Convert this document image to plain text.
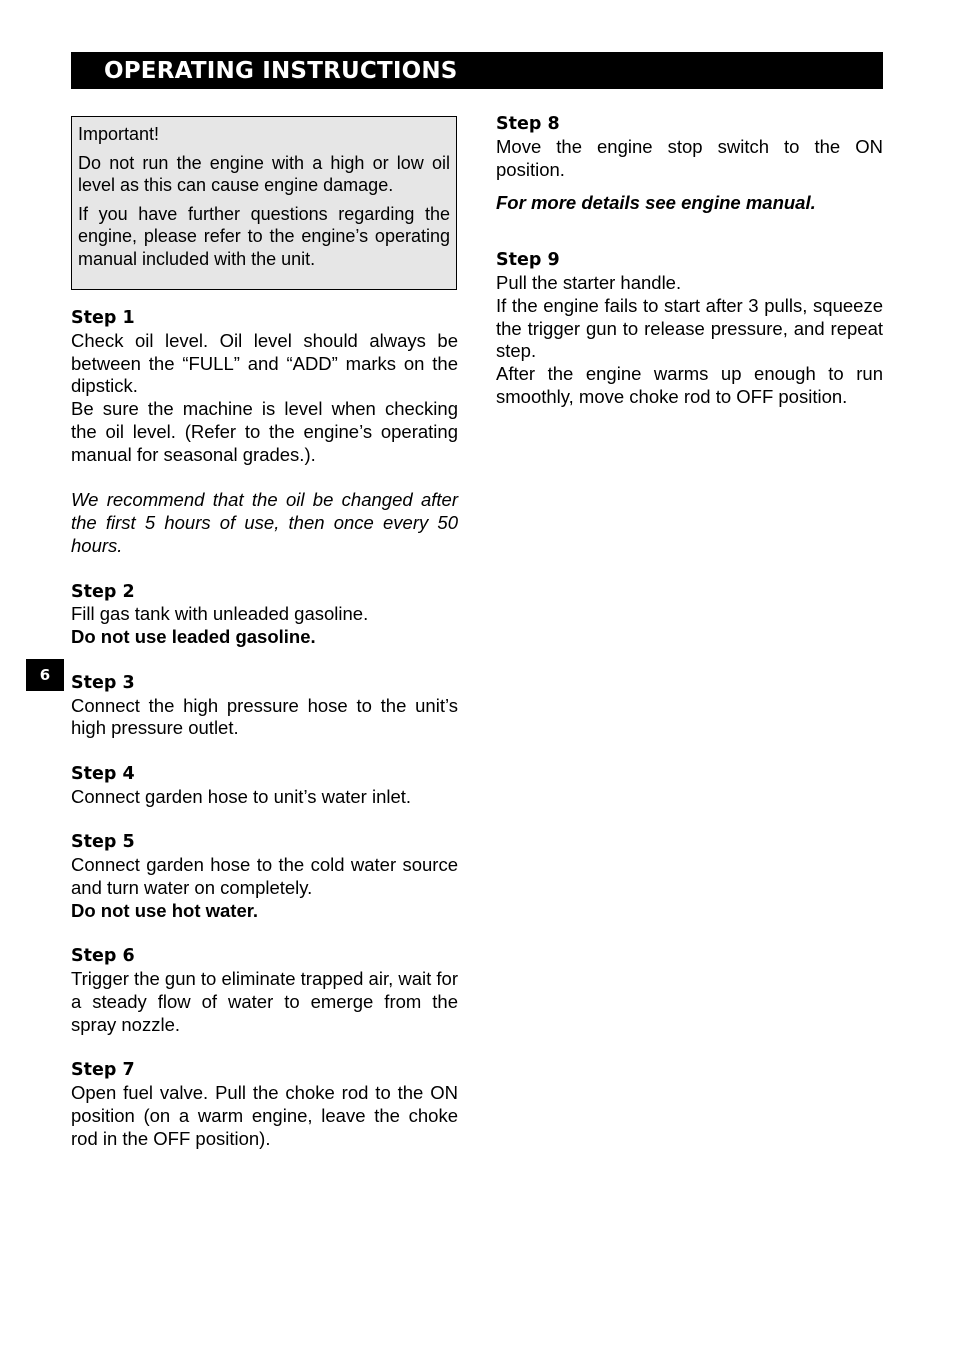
OPERATING INSTRUCTIONS

Important!

Do not run the engine with a high or low oil level as this can cause engine damage.

If you have further questions regarding the engine, please refer to the engine’s operating manual included with the unit.

6
Step 1

Check oil level. Oil level should always be between the “FULL” and “ADD” marks on the dipstick.

Be sure the machine is level when checking the oil level. (Refer to the engine’s operating manual for seasonal grades.).

We recommend that the oil be changed after the first 5 hours of use, then once every 50 hours.

Step 2

Fill gas tank with unleaded gasoline.

Do not use leaded gasoline.

Step 3

Connect the high pressure hose to the unit’s high pressure outlet.

Step 4

Connect garden hose to unit’s water inlet.

Step 5

Connect garden hose to the cold water source and turn water on completely.

Do not use hot water.

Step 6

Trigger the gun to eliminate trapped air, wait for a steady flow of water to emerge from the spray nozzle.

Step 7

Open fuel valve. Pull the choke rod to the ON position (on a warm engine, leave the choke rod in the OFF position).

Step 8

Move the engine stop switch to the ON position.

For more details see engine manual.

Step 9

Pull the starter handle.

If the engine fails to start after 3 pulls, squeeze the trigger gun to release pressure, and repeat step.

After the engine warms up enough to run smoothly, move choke rod to OFF position.
